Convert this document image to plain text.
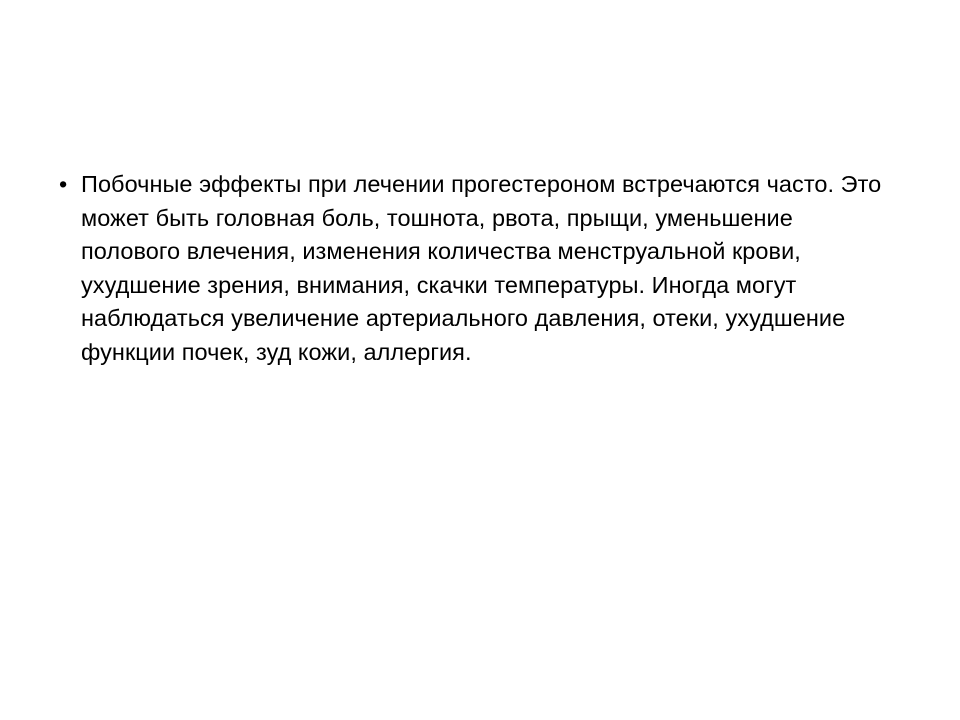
• Побочные эффекты при лечении прогестероном встречаются часто. Это может быть головная боль, тошнота, рвота, прыщи, уменьшение полового влечения, изменения количества менструальной крови, ухудшение зрения, внимания, скачки температуры. Иногда могут наблюдаться увеличение артериального давления, отеки, ухудшение функции почек, зуд кожи, аллергия.
